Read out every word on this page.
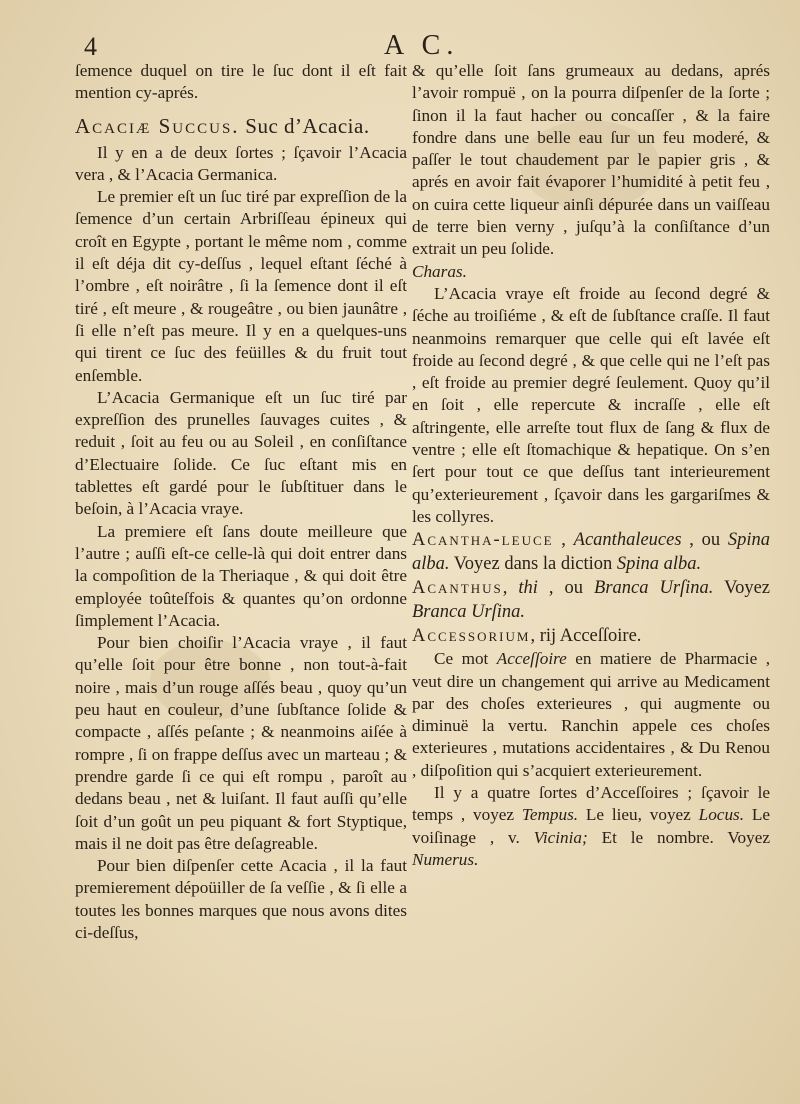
4	A C.

ſemence duquel on tire le ſuc dont il eſt fait mention cy-aprés.

Acaciæ Succus. Suc d’Acacia.

Il y en a de deux ſortes ; ſçavoir l’Acacia vera , & l’Acacia Germanica.

Le premier eſt un ſuc tiré par expreſſion de la ſemence d’un certain Arbriſſeau épineux qui croît en Egypte , portant le même nom , comme il eſt déja dit cy-deſſus , lequel eſtant ſéché à l’ombre , eſt noirâtre , ſi la ſemence dont il eſt tiré , eſt meure , & rougeâtre , ou bien jaunâtre , ſi elle n’eſt pas meure. Il y en a quelques-uns qui tirent ce ſuc des feüilles & du fruit tout enſemble.

L’Acacia Germanique eſt un ſuc tiré par expreſſion des prunelles ſauvages cuites , & reduit , ſoit au feu ou au Soleil , en conſiſtance d’Electuaire ſolide. Ce ſuc eſtant mis en tablettes eſt gardé pour le ſubſtituer dans le beſoin, à l’Acacia vraye.

La premiere eſt ſans doute meilleure que l’autre ; auſſi eſt-ce celle-là qui doit entrer dans la compoſition de la Theriaque , & qui doit être employée toûteſfois & quantes qu’on ordonne ſimplement l’Acacia.

Pour bien choiſir l’Acacia vraye , il faut qu’elle ſoit pour être bonne , non tout-à-fait noire , mais d’un rouge aſſés beau , quoy qu’un peu haut en couleur, d’une ſubſtance ſolide & compacte , aſſés peſante ; & neanmoins aiſée à rompre , ſi on frappe deſſus avec un marteau ; & prendre garde ſi ce qui eſt rompu , paroît au dedans beau , net & luiſant. Il faut auſſi qu’elle ſoit d’un goût un peu piquant & fort Styptique, mais il ne doit pas être deſagreable.

Pour bien diſpenſer cette Acacia , il la faut premierement dépoüiller de ſa veſſie , & ſi elle a toutes les bonnes marques que nous avons dites ci-deſſus,

& qu’elle ſoit ſans grumeaux au dedans, aprés l’avoir rompuë , on la pourra diſpenſer de la ſorte ; ſinon il la faut hacher ou concaſſer , & la faire fondre dans une belle eau ſur un feu moderé, & paſſer le tout chaudement par le papier gris , & aprés en avoir fait évaporer l’humidité à petit feu , on cuira cette liqueur ainſi dépurée dans un vaiſſeau de terre bien verny , juſqu’à la conſiſtance d’un extrait un peu ſolide.

Charas.

L’Acacia vraye eſt froide au ſecond degré & ſéche au troiſiéme , & eſt de ſubſtance craſſe. Il faut neanmoins remarquer que celle qui eſt lavée eſt froide au ſecond degré , & que celle qui ne l’eſt pas , eſt froide au premier degré ſeulement. Quoy qu’il en ſoit , elle repercute & incraſſe , elle eſt aſtringente, elle arreſte tout flux de ſang & flux de ventre ; elle eſt ſtomachique & hepatique. On s’en ſert pour tout ce que deſſus tant interieurement qu’exterieurement , ſçavoir dans les gargariſmes & les collyres.

Acantha-leuce , Acanthaleuces , ou Spina alba. Voyez dans la diction Spina alba.

Acanthus, thi , ou Branca Urſina. Voyez Branca Urſina.

Accessorium, rij Acceſſoire.

Ce mot Acceſſoire en matiere de Pharmacie , veut dire un changement qui arrive au Medicament par des choſes exterieures , qui augmente ou diminuë la vertu. Ranchin appele ces choſes exterieures , mutations accidentaires , & Du Renou , diſpoſition qui s’acquiert exterieurement.

Il y a quatre ſortes d’Acceſſoires ; ſçavoir le temps , voyez Tempus. Le lieu, voyez Locus. Le voiſinage , v. Vicinia; Et le nombre. Voyez Numerus.
